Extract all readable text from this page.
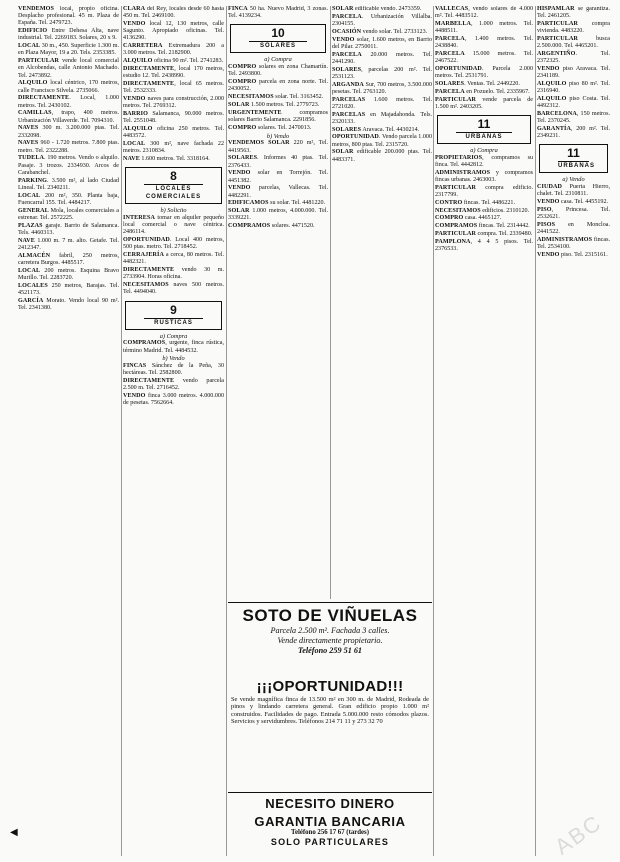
VENDEMOS local, propio oficina. Desplacho profesional. 45 m. Plaza de España. Tel. 2479723.

EDIFICIO Entre Dehesa Alta, nave industrial. Tel. 2269183. Solares, 20 x 9.

LOCAL 30 m., 450. Superficie 1.300 m. en Plaza Mayor, 19 a 20. Tels. 2353385.

PARTICULAR vende local comercial en Alcobendas, calle Antonio Machado. Tel. 2473892.

ALQUILO local céntrico, 170 metros, calle Francisco Silvela. 2735066.

DIRECTAMENTE. Local, 1.000 metros. Tel. 2430102.

CAMILLAS, trapo, 400 metros. Urbanización Villaverde. Tel. 7094310.

NAVES 300 m. 3.200.000 ptas. Tel. 2332098.

NAVES 960 - 1.720 metros. 7.800 ptas. metro. Tel. 2322288.

TUDELA. 190 metros. Vendo o alquilo. Pasaje. 3 trozos. 2334930. Arcos de Carabanchel.

PARKING. 3.500 m², al lado Ciudad Lineal. Tel. 2340211.

LOCAL 200 m², 350. Planta baja, Fuencarral 155. Tel. 4484217.

GENERAL Mola, locales comerciales a estrenar. Tel. 2572225.

PLAZAS garaje. Barrio de Salamanca. Tels. 4460313.

NAVE 1.000 m. 7 m. alto. Getafe. Tel. 2412347.

ALMACÉN fabril, 250 metros, carretera Burgos. 4485517.

LOCAL 200 metros. Esquina Bravo Murillo. Tel. 2283720.

LOCALES 250 metros, Barajas. Tel. 4521173.

GARCÍA Morato. Vendo local 90 m². Tel. 2341380.

CLARA del Rey, locales desde 60 hasta 450 m. Tel. 2469100.

VENDO local 12, 130 metros, calle Sagunto. Apropiado oficinas. Tel. 4136290.

CARRETERA Extremadura 200 a 3.000 metros. Tel. 2182900.

ALQUILO oficina 90 m². Tel. 2741283.

DIRECTAMENTE, local 170 metros, estudio 12. Tel. 2438990.

DIRECTAMENTE, local 65 metros. Tel. 2532333.

VENDO naves para construcción, 2.000 metros. Tel. 2769312.

BARRIO Salamanca, 90.000 metros. Tel. 2551048.

ALQUILO oficina 250 metros. Tel. 4483572.

LOCAL 300 m², nave fachada 22 metros. 2310834.

NAVE 1.600 metros. Tel. 3318164.

8
LOCALES COMERCIALES

b) Solicito

INTERESA tomar en alquiler pequeño local comercial o nave céntrica. 2486114.

OPORTUNIDAD. Local 400 metros, 500 ptas. metro. Tel. 2718452.

CERRAJERÍA a cerca, 80 metros. Tel. 4482321.

DIRECTAMENTE vendo 30 m. 2733904. Horas oficina.

NECESITAMOS naves 500 metros. Tel. 4494040.

9
RÚSTICAS

a) Compra

COMPRAMOS, urgente, finca rústica, término Madrid. Tel. 4484532.

b) Vendo

FINCAS Sánchez de la Peña, 30 hectáreas. Tel. 2582800.

DIRECTAMENTE vendo parcela 2.500 m. Tel. 2716452.

VENDO finca 3.000 metros. 4.000.000 de pesetas. 7562664.

FINCA 50 ha. Nuevo Madrid, 3 zonas. Tel. 4139234.

10
SOLARES

a) Compra

COMPRO solares en zona Chamartín. Tel. 2493800.

COMPRO parcela en zona norte. Tel. 2430052.

NECESITAMOS solar. Tel. 3163452.

SOLAR 1.500 metros. Tel. 2779723.

URGENTEMENTE compramos solares Barrio Salamanca. 2291856.

COMPRO solares. Tel. 2470013.

b) Vendo

VENDEMOS SOLAR 220 m², Tel. 4419563.

SOLARES. Informes 40 ptas. Tel. 2376433.

VENDO solar en Torrejón. Tel. 4451382.

VENDO parcelas, Vallecas. Tel. 4482291.

EDIFICAMOS su solar. Tel. 4481220.

SOLAR 1.000 metros, 4.000.000. Tel. 3339221.

COMPRAMOS solares. 4471520.

SOLAR edificable vendo. 2473359.

PARCELA. Urbanización Villalba. 2304155.

OCASIÓN vendo solar. Tel. 2733123.

VENDO solar, 1.600 metros, en Barrio del Pilar. 2750011.

PARCELA 20.000 metros. Tel. 2441290.

SOLARES, parcelas 200 m². Tel. 2531123.

ARGANDA Sur, 700 metros, 3.500.000 pesetas. Tel. 2763120.

PARCELAS 1.600 metros. Tel. 2721020.

PARCELAS en Majadahonda. Tels. 2320133.

SOLARES Aravaca. Tel. 4430214.

OPORTUNIDAD. Vendo parcela 1.000 metros, 800 ptas. Tel. 2315720.

SOLAR edificable 200.000 ptas. Tel. 4483371.

VALLECAS, vendo solares de 4.000 m². Tel. 4483512.

MARBELLA, 1.000 metros. Tel. 4488511.

PARCELA, 1.400 metros. Tel. 2438840.

PARCELA 15.000 metros. Tel. 2467522.

OPORTUNIDAD. Parcela 2.000 metros. Tel. 2531791.

SOLARES. Ventas. Tel. 2449220.

PARCELA en Pozuelo. Tel. 2335967.

PARTICULAR vende parcela de 1.500 m². 2403205.

11
URBANAS

a) Compra

PROPIETARIOS, compramos su finca. Tel. 4442812.

ADMINISTRAMOS y compramos fincas urbanas. 2463003.

PARTICULAR compra edificio. 2317799.

CONTRO fincas. Tel. 4486221.

NECESITAMOS edificios. 2310120.

COMPRO casa. 4465127.

COMPRAMOS fincas. Tel. 2314442.

PARTICULAR compra. Tel. 2339480.

PAMPLONA, 4 4 5 pisos. Tel. 2376533.

HISPAMLAR se garantiza. Tel. 2461205.

PARTICULAR compra vivienda. 4483220.

PARTICULAR busca 2.500.000. Tel. 4465201.

ARGENTIÑO. Tel. 2372325.

VENDO piso Aravaca. Tel. 2341189.

ALQUILO piso 80 m². Tel. 2316940.

ALQUILO piso Costa. Tel. 4492312.

BARCELONA, 150 metros. Tel. 2370245.

GARANTÍA, 200 m². Tel. 2349231.

11
URBANAS

a) Vendo

CIUDAD Puerta Hierro, chalet. Tel. 2310811.

VENDO casa. Tel. 4455192.

PISO, Princesa. Tel. 2532621.

PISOS en Moncloa. 2441522.

ADMINISTRAMOS fincas. Tel. 2534100.

VENDO piso. Tel. 2315161.

SOTO DE VIÑUELAS
Parcela 2.500 m². Fachada 3 calles.
Vende directamente propietario.
Teléfono 259 51 61
¡¡¡OPORTUNIDAD!!!
Se vende magnífica finca de 13.500 m² en 300 m. de Madrid, Rodeada de pinos y lindando carretera general. Gran edificio propio 1.000 m² construidos. Facilidades de pago. Entrada 5.000.000 resto cómodos plazos. Servicios y servidumbres. Teléfonos 214 71 11 y 273 32 70
NECESITO DINERO
GARANTIA BANCARIA
Teléfono 256 17 67 (tardes)
SOLO PARTICULARES	ABC
◀
